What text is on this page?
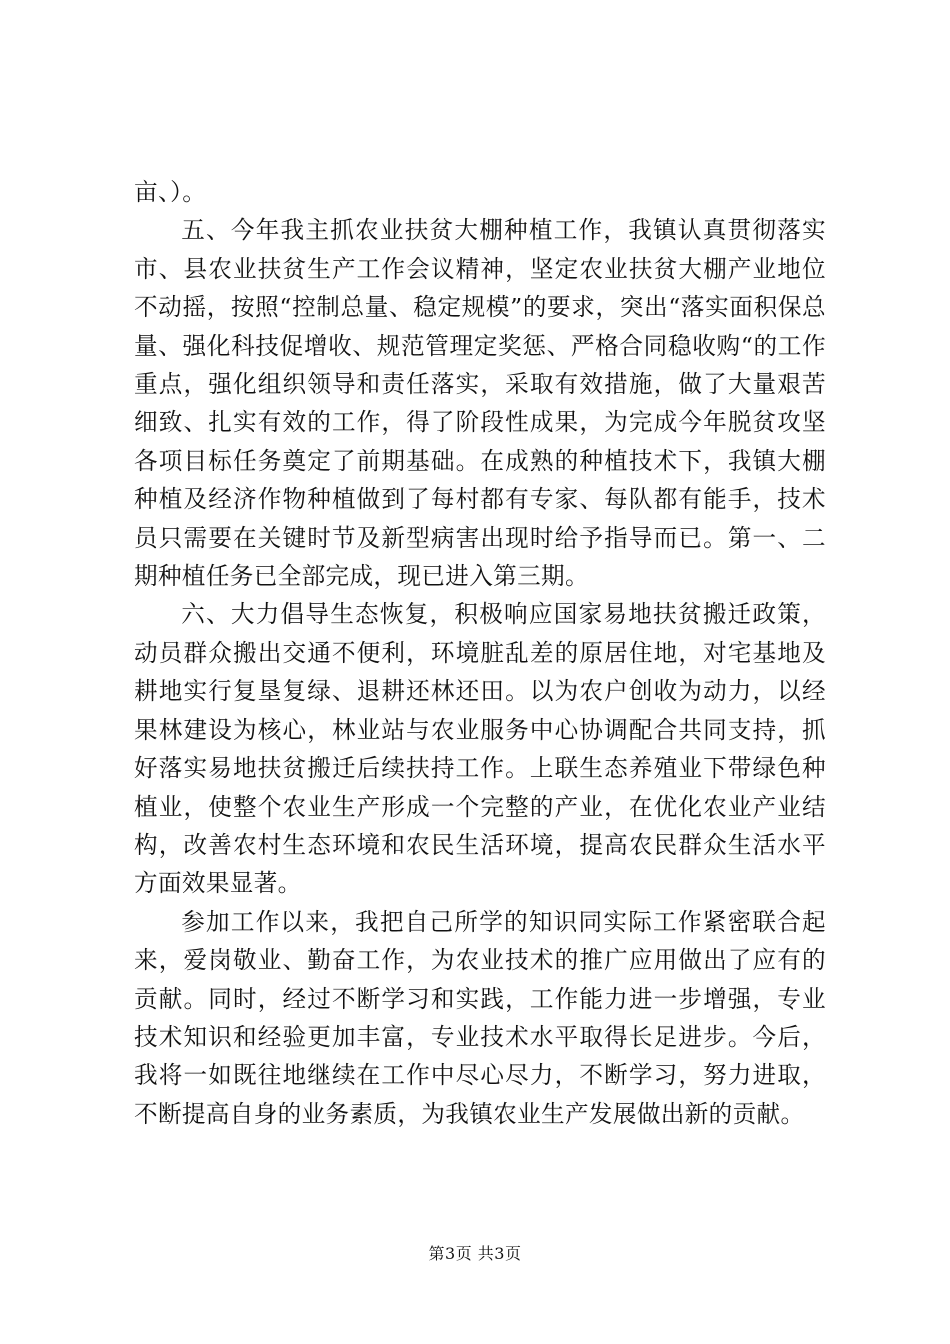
亩、）。

五、今年我主抓农业扶贫大棚种植工作，我镇认真贯彻落实市、县农业扶贫生产工作会议精神，坚定农业扶贫大棚产业地位不动摇，按照“控制总量、稳定规模”的要求，突出“落实面积保总量、强化科技促增收、规范管理定奖惩、严格合同稳收购“的工作重点，强化组织领导和责任落实，采取有效措施，做了大量艰苦细致、扎实有效的工作，得了阶段性成果，为完成今年脱贫攻坚各项目标任务奠定了前期基础。在成熟的种植技术下，我镇大棚种植及经济作物种植做到了每村都有专家、每队都有能手，技术员只需要在关键时节及新型病害出现时给予指导而已。第一、二期种植任务已全部完成，现已进入第三期。

六、大力倡导生态恢复，积极响应国家易地扶贫搬迁政策，动员群众搬出交通不便利，环境脏乱差的原居住地，对宅基地及耕地实行复垦复绿、退耕还林还田。以为农户创收为动力，以经果林建设为核心，林业站与农业服务中心协调配合共同支持，抓好落实易地扶贫搬迁后续扶持工作。上联生态养殖业下带绿色种植业，使整个农业生产形成一个完整的产业，在优化农业产业结构，改善农村生态环境和农民生活环境，提高农民群众生活水平方面效果显著。

参加工作以来，我把自己所学的知识同实际工作紧密联合起来，爱岗敬业、勤奋工作，为农业技术的推广应用做出了应有的贡献。同时，经过不断学习和实践，工作能力进一步增强，专业技术知识和经验更加丰富，专业技术水平取得长足进步。今后，我将一如既往地继续在工作中尽心尽力，不断学习，努力进取，不断提高自身的业务素质，为我镇农业生产发展做出新的贡献。

第3页 共3页
